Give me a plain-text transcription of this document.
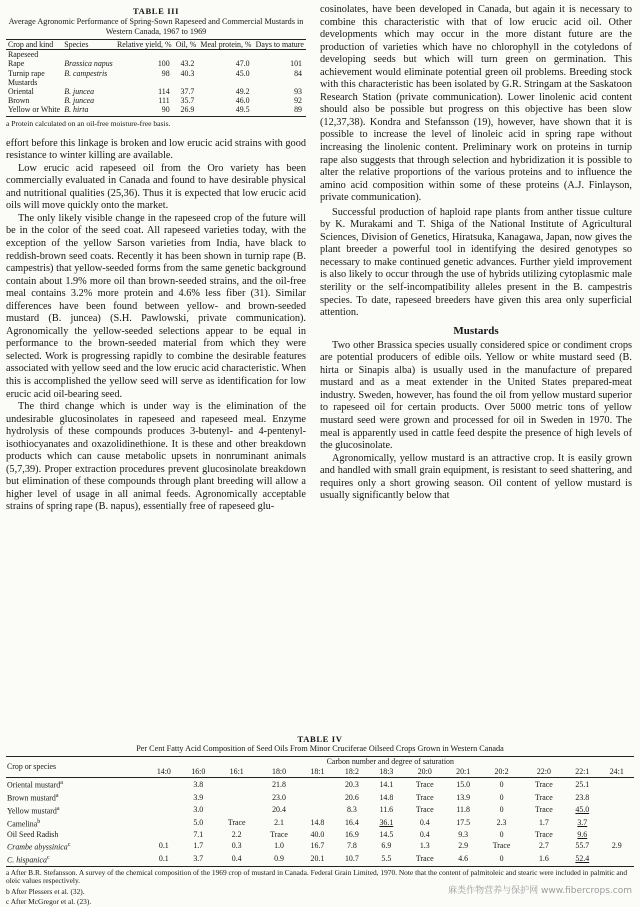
TABLE III
Average Agronomic Performance of Spring-Sown Rapeseed and Commercial Mustards in Western Canada, 1967 to 1969
Crop and kind	Species	Relative yield, %	Oil, %	Meal protein, %	Days to mature
Rapeseed					
Rape	Brassica napus	100	43.2	47.0	101
Turnip rape	B. campestris	98	40.3	45.0	84
Mustards					
Oriental	B. juncea	114	37.7	49.2	93
Brown	B. juncea	111	35.7	46.0	92
Yellow or White	B. hirta	90	26.9	49.5	89
a Protein calculated on an oil-free moisture-free basis.

effort before this linkage is broken and low erucic acid strains with good resistance to winter killing are available.

Low erucic acid rapeseed oil from the Oro variety has been commercially evaluated in Canada and found to have desirable physical and nutritional qualities (25,36). Thus it is expected that low erucic acid oils will move quickly onto the market.

The only likely visible change in the rapeseed crop of the future will be in the color of the seed coat. All rapeseed varieties today, with the exception of the yellow Sarson varieties from India, have black to reddish-brown seed coats. Recently it has been shown in turnip rape (B. campestris) that yellow-seeded forms from the same genetic background contain about 1.9% more oil than brown-seeded strains, and the oil-free meal contains 3.2% more protein and 4.6% less fiber (31). Similar differences have been found between yellow- and brown-seeded mustard (B. juncea) (S.H. Pawlowski, private communication). Agronomically the yellow-seeded selections appear to be equal in performance to the brown-seeded material from which they were selected. Work is progressing rapidly to combine the desirable features associated with yellow seed and the low erucic acid characteristic. When this is accomplished the yellow seed will serve as identification for low erucic acid oil-bearing seed.

The third change which is under way is the elimination of the undesirable glucosinolates in rapeseed and rapeseed meal. Enzyme hydrolysis of these compounds produces 3-butenyl- and 4-pentenyl-isothiocyanates and oxazolidinethione. It is these and other breakdown products which can cause metabolic upsets in nonruminant animals (5,7,39). Proper extraction procedures prevent glucosinolate breakdown but elimination of these compounds through plant breeding will allow a higher level of usage in all animal feeds. Agronomically acceptable strains of spring rape (B. napus), essentially free of rapeseed glu-

cosinolates, have been developed in Canada, but again it is necessary to combine this characteristic with that of low erucic acid oil. Other developments which may occur in the more distant future are the production of varieties which have no chlorophyll in the cotyledons of developing seeds but which will turn green on germination. This achievement would eliminate potential green oil problems. Breeding stock with this characteristic has been isolated by G.R. Stringam at the Saskatoon Research Station (private communication). Lower linolenic acid content should also be possible but progress on this objective has been slow (12,37,38). Kondra and Stefansson (19), however, have shown that it is possible to increase the level of linoleic acid in spring rape without increasing the linolenic content. Preliminary work on proteins in turnip rape also suggests that through selection and hybridization it is possible to alter the relative proportions of the various proteins and to influence the amino acid composition within some of these proteins (A.J. Finlayson, private communication).

Successful production of haploid rape plants from anther tissue culture by K. Murakami and T. Shiga of the National Institute of Agricultural Sciences, Division of Genetics, Hiratsuka, Kanagawa, Japan, now gives the plant breeder a powerful tool in identifying the desired genotypes so necessary to make continued genetic advances. Further yield improvement is also likely to occur through the use of hybrids utilizing cytoplasmic male sterility or the self-incompatibility alleles present in the B. campestris species. To date, rapeseed breeders have given this area only superficial attention.

Mustards

Two other Brassica species usually considered spice or condiment crops are potential producers of edible oils. Yellow or white mustard seed (B. hirta or Sinapis alba) is usually used in the manufacture of prepared mustard and as a meat extender in the United States prepared-meat industry. Sweden, however, has found the oil from yellow mustard superior to rapeseed oil for certain products. Over 5000 metric tons of yellow mustard seed were grown and processed for oil in Sweden in 1970. The meal is apparently used in cattle feed despite the presence of high levels of the glucosinolate.

Agronomically, yellow mustard is an attractive crop. It is easily grown and handled with small grain equipment, is resistant to seed shattering, and requires only a short growing season. Oil content of yellow mustard is usually significantly below that

TABLE IV
Per Cent Fatty Acid Composition of Seed Oils From Minor Cruciferae Oilseed Crops Grown in Western Canada
Crop or species	Carbon number and degree of saturation												
	14:0	16:0	16:1	18:0	18:1	18:2	18:3	20:0	20:1	20:2	22:0	22:1	24:1
Oriental mustard$^a$		3.8		21.8		20.3	14.1	Trace	15.0	0	Trace	25.1	
Brown mustard$^a$		3.9		23.0		20.6	14.8	Trace	13.9	0	Trace	23.8	
Yellow mustard$^a$		3.0		20.4		8.3	11.6	Trace	11.8	0	Trace	45.0	
Camelina$^b$		5.0	Trace	2.1	14.8	16.4	36.1	0.4	17.5	2.3	1.7	3.7	
Oil Seed Radish		7.1	2.2	Trace	40.0	16.9	14.5	0.4	9.3	0	Trace	9.6	
Crambe abyssinica$^c$	0.1	1.7	0.3	1.0	16.7	7.8	6.9	1.3	2.9	Trace	2.7	55.7	2.9
C. hispanica$^c$	0.1	3.7	0.4	0.9	20.1	10.7	5.5	Trace	4.6	0	1.6	52.4	
a After B.R. Stefansson. A survey of the chemical composition of the 1969 crop of mustard in Canada. Federal Grain Limited, 1970. Note that the content of palmitoleic and stearic were included in palmitic and oleic values respectively.
b After Plessers et al. (32).
c After McGregor et al. (23).
麻类作物营养与保护网 www.fibercrops.com
